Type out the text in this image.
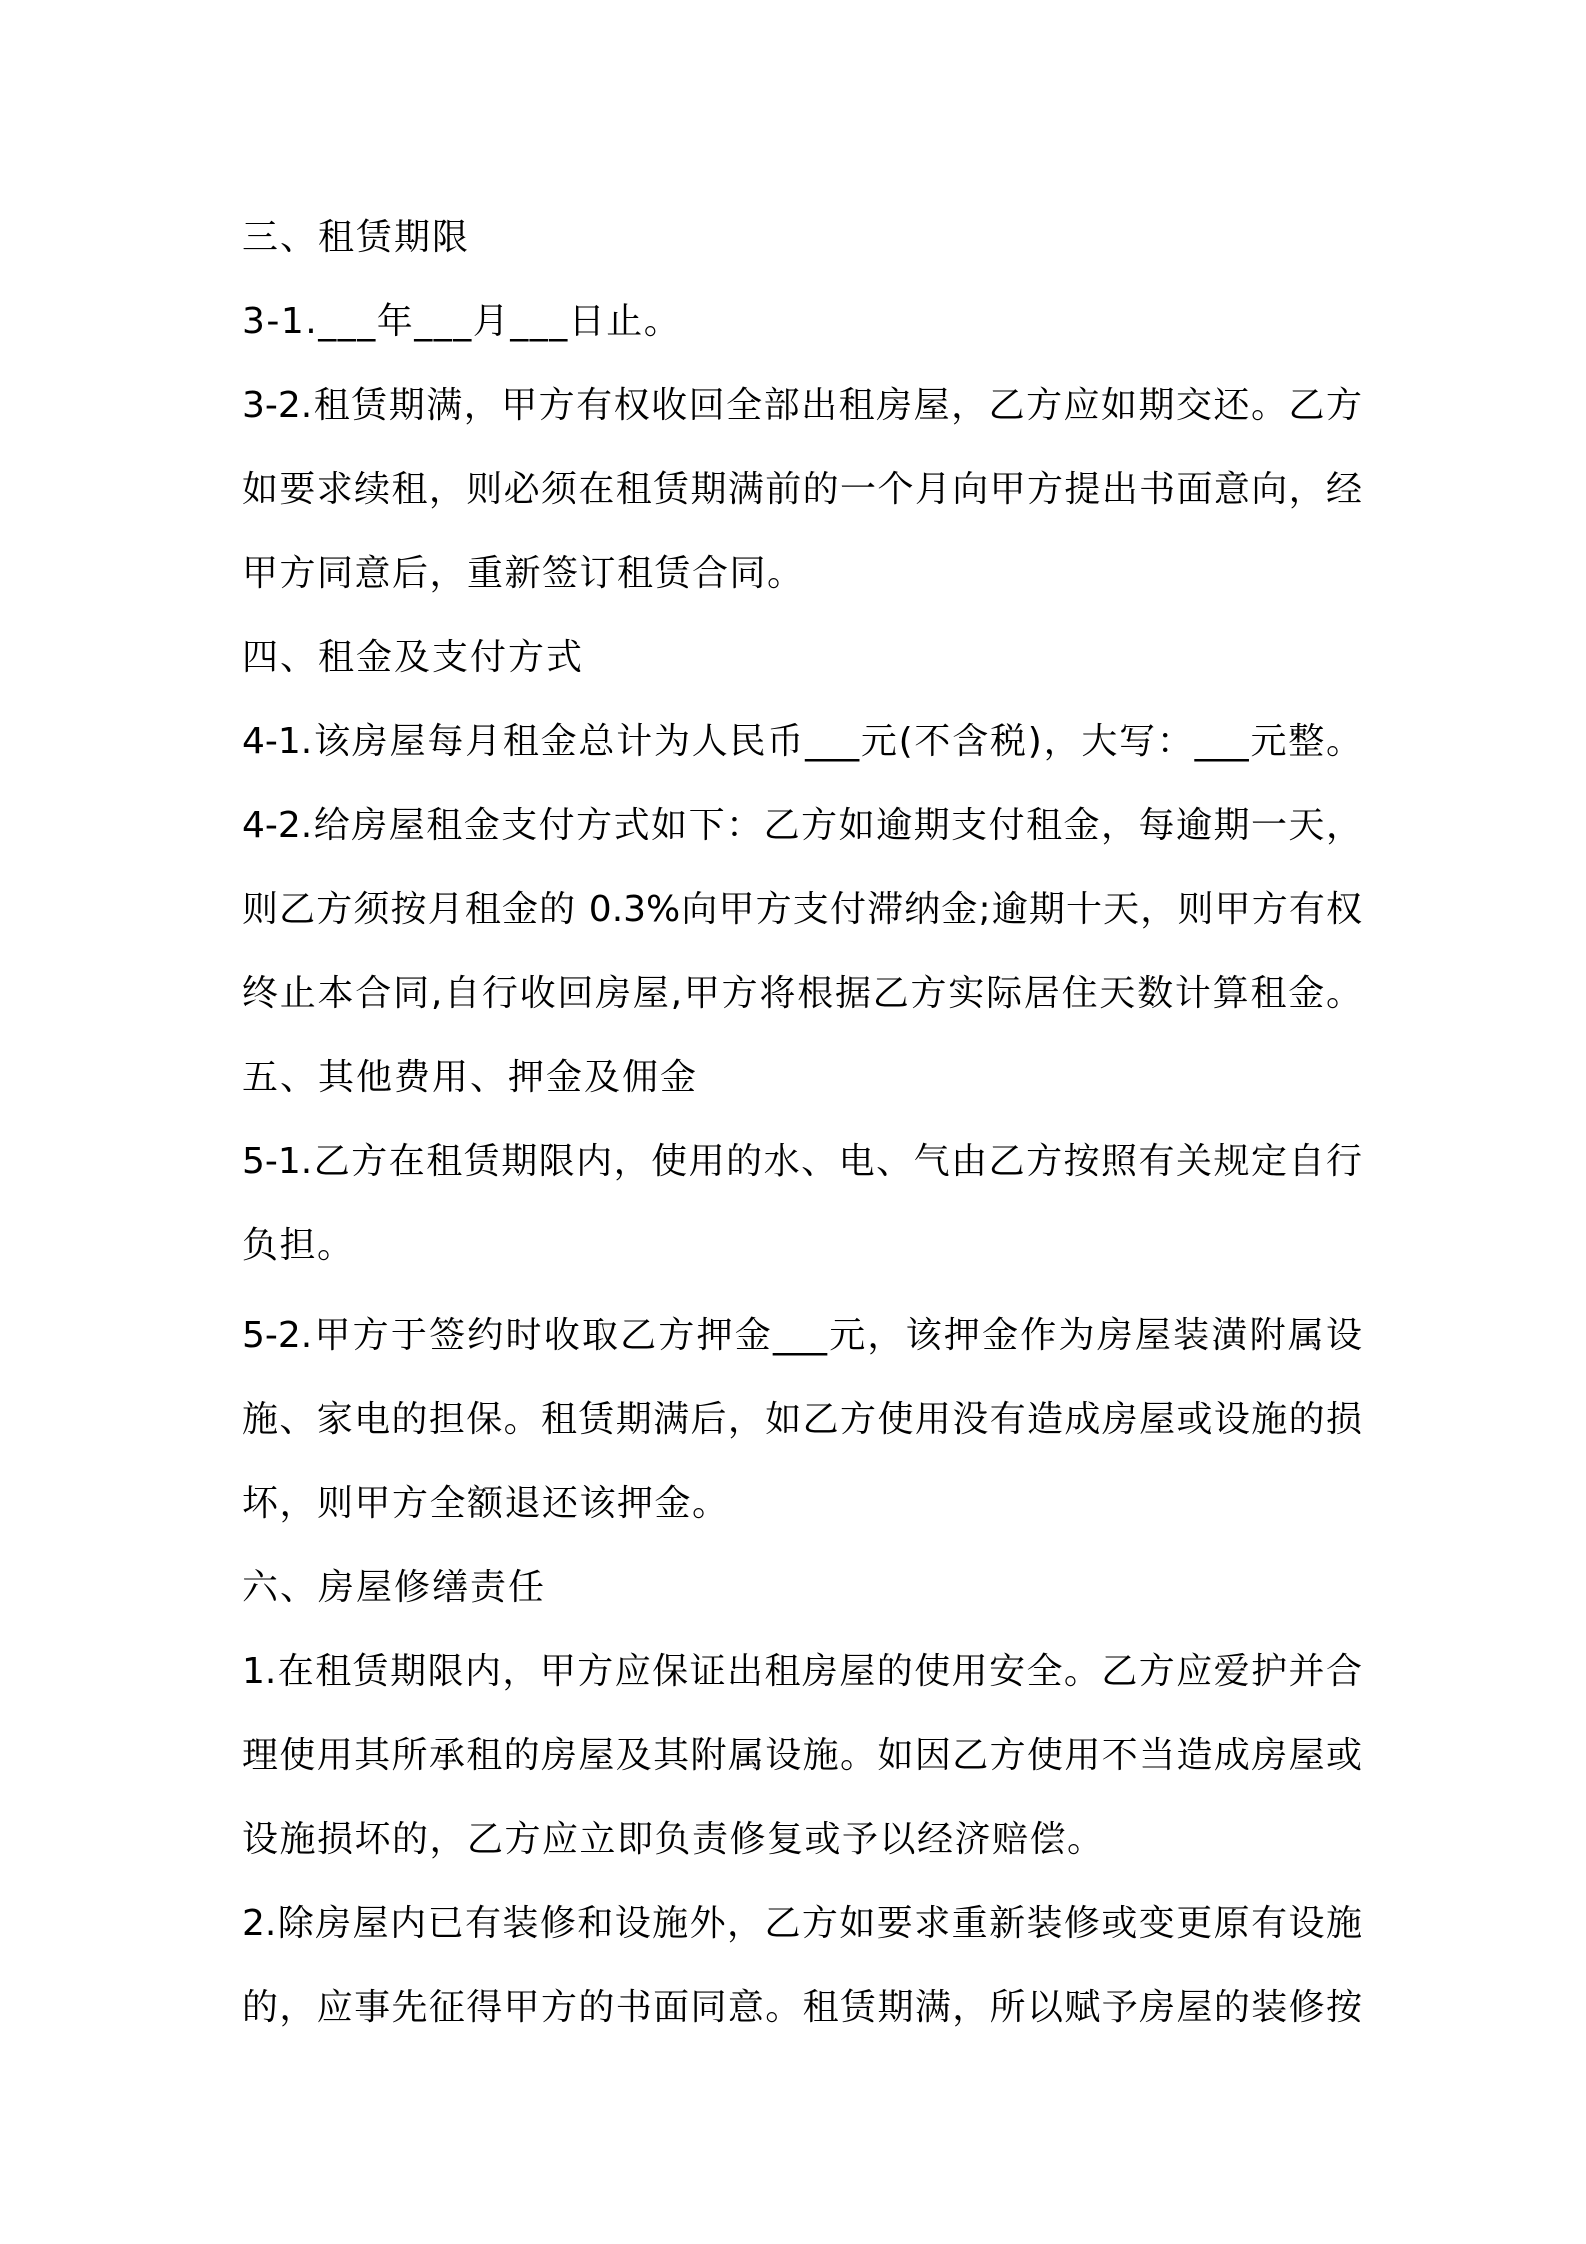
三、租赁期限
3-1.___年___月___日止。
3-2.租赁期满，甲方有权收回全部出租房屋，乙方应如期交还。乙方
如要求续租，则必须在租赁期满前的一个月向甲方提出书面意向，经
甲方同意后，重新签订租赁合同。
四、租金及支付方式
4-1.该房屋每月租金总计为人民币___元(不含税)，大写：___元整。
4-2.给房屋租金支付方式如下：乙方如逾期支付租金，每逾期一天，
则乙方须按月租金的 0.3%向甲方支付滞纳金;逾期十天，则甲方有权
终止本合同,自行收回房屋,甲方将根据乙方实际居住天数计算租金。
五、其他费用、押金及佣金
5-1.乙方在租赁期限内，使用的水、电、气由乙方按照有关规定自行
负担。
5-2.甲方于签约时收取乙方押金___元，该押金作为房屋装潢附属设
施、家电的担保。租赁期满后，如乙方使用没有造成房屋或设施的损
坏，则甲方全额退还该押金。
六、房屋修缮责任
1.在租赁期限内，甲方应保证出租房屋的使用安全。乙方应爱护并合
理使用其所承租的房屋及其附属设施。如因乙方使用不当造成房屋或
设施损坏的，乙方应立即负责修复或予以经济赔偿。
2.除房屋内已有装修和设施外，乙方如要求重新装修或变更原有设施
的，应事先征得甲方的书面同意。租赁期满，所以赋予房屋的装修按
